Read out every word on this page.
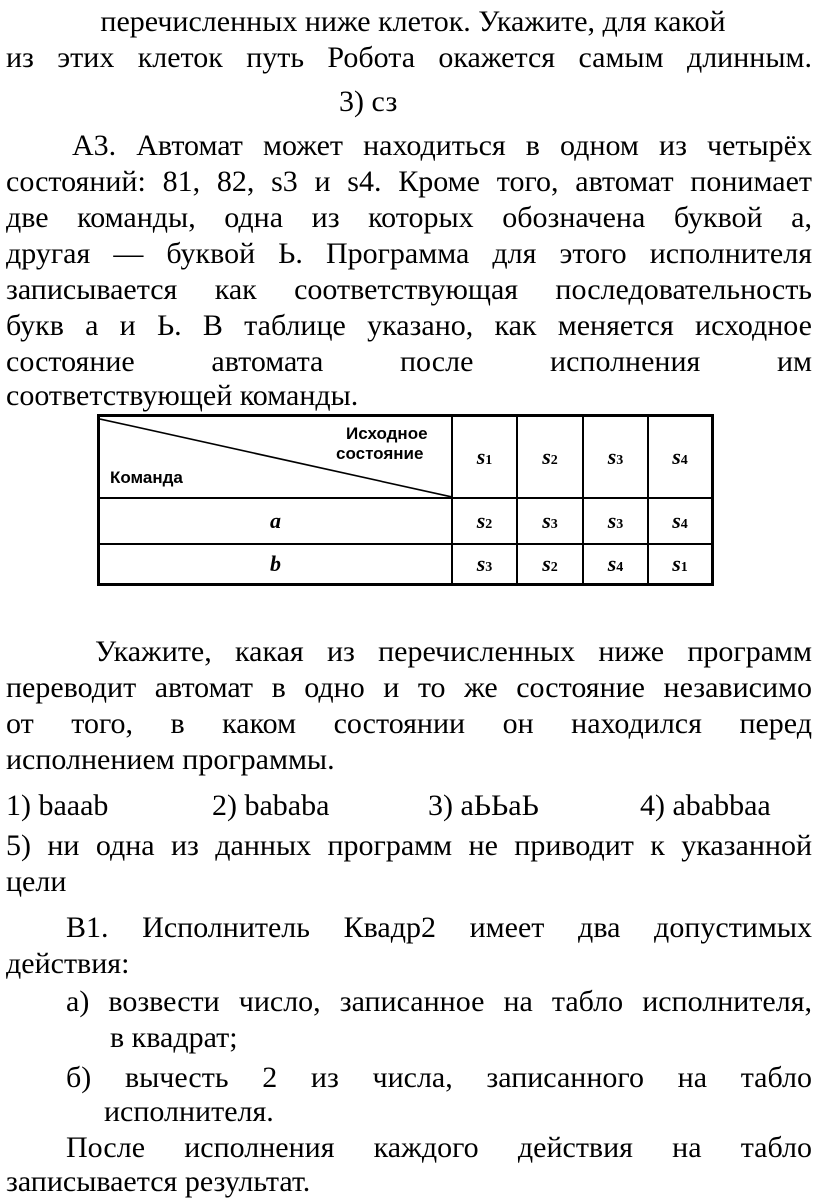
перечисленных ниже клеток. Укажите, для какой
из этих клеток путь Робота окажется самым длинным.
3) сз
А3. Автомат может находиться в одном из четырёх
состояний: 81, 82, s3 и s4. Кроме того, автомат понимает
две команды, одна из которых обозначена буквой а,
другая — буквой Ь. Программа для этого исполнителя
записывается как соответствующая последовательность
букв а и Ь. В таблице указано, как меняется исходное
состояние автомата после исполнения им
соответствующей команды.
Исходное
состояние
Команда
$s_1$ $s_2$ $s_3$ $s_4$
a	$s_2$ $s_3$ $s_3$ $s_4$
b	$s_3$ $s_2$ $s_4$ $s_1$
Укажите, какая из перечисленных ниже программ
переводит автомат в одно и то же состояние независимо
от того, в каком состоянии он находился перед
исполнением программы.
1) baaab	2) bababa	3) aЬЬaЬ	4) ababbaa
5) ни одна из данных программ не приводит к указанной
цели
В1. Исполнитель Квадр2 имеет два допустимых
действия:
а) возвести число, записанное на табло исполнителя,
в квадрат;
б) вычесть 2 из числа, записанного на табло
исполнителя.
После исполнения каждого действия на табло
записывается результат.
